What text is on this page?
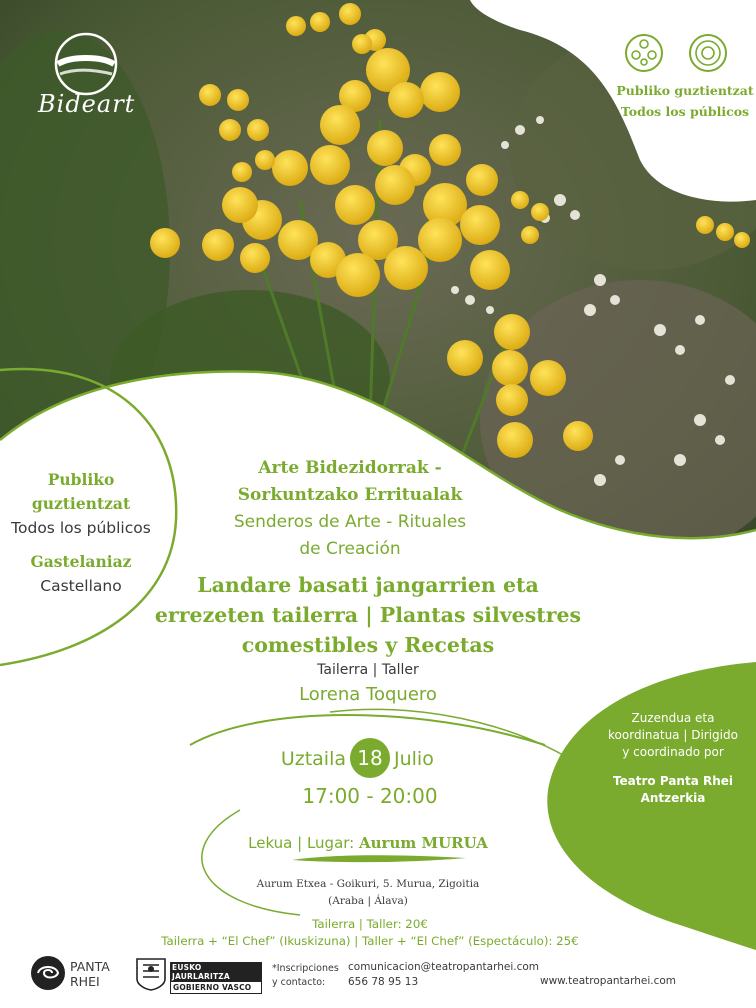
Bideart	Publiko guztientzat
Todos los públicos
Publiko guztientzat
Todos los públicos
Gastelaniaz
Castellano
Arte Bidezidorrak -
Sorkuntzako Erritualak
Senderos de Arte - Rituales
de Creación
Landare basati jangarrien eta
errezeten tailerra | Plantas silvestres
comestibles y Recetas
Tailerra | Taller
Lorena Toquero
Uztaila 18 Julio
17:00 - 20:00
Lekua | Lugar: Aurum MURUA
Aurum Etxea - Goikuri, 5. Murua, Zigoitia
(Araba | Álava)
Tailerra | Taller: 20€
Tailerra + “El Chef” (Ikuskizuna) | Taller + “El Chef” (Espectáculo): 25€
Zuzendua eta
koordinatua | Dirigido
y coordinado por
Teatro Panta Rhei
Antzerkia
PANTA
RHEI
EUSKO JAURLARITZA
GOBIERNO VASCO
*Inscripciones
y contacto:
comunicacion@teatropantarhei.com
656 78 95 13	www.teatropantarhei.com
